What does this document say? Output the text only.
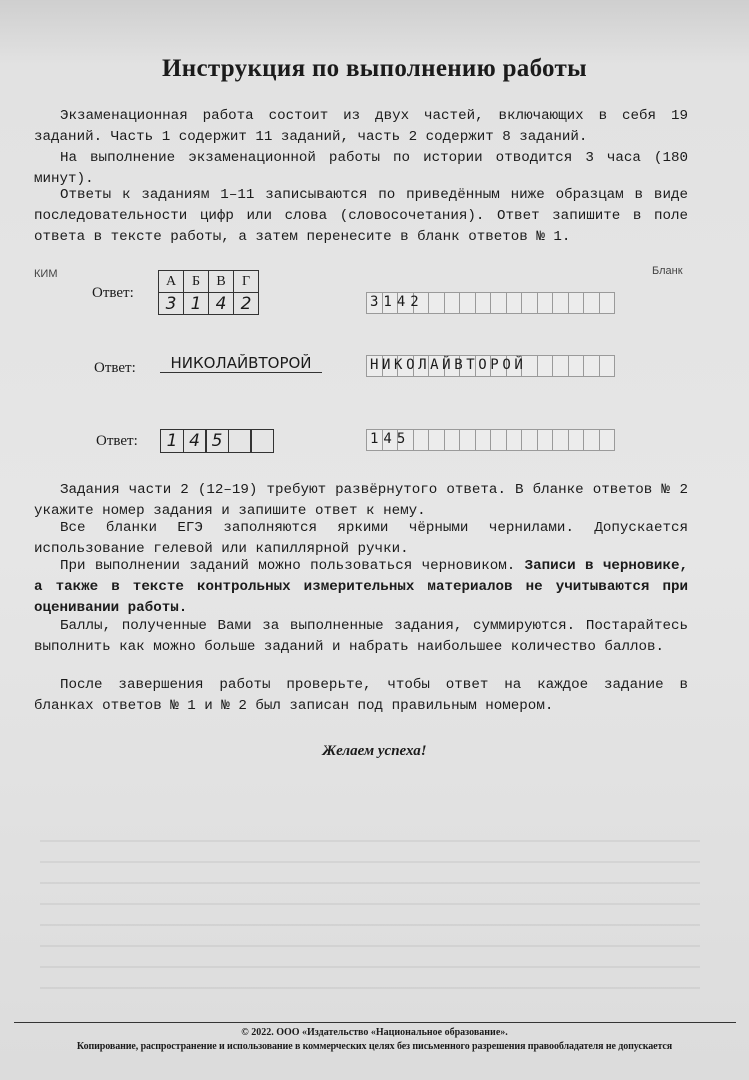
Инструкция по выполнению работы

Экзаменационная работа состоит из двух частей, включающих в себя 19 заданий. Часть 1 содержит 11 заданий, часть 2 содержит 8 заданий.

На выполнение экзаменационной работы по истории отводится 3 часа (180 минут).

Ответы к заданиям 1–11 записываются по приведённым ниже образцам в виде последовательности цифр или слова (словосочетания). Ответ запишите в поле ответа в тексте работы, а затем перенесите в бланк ответов № 1.

КИМ	Бланк
Ответ:
А	Б	В	Г
3	1	4	2	3142
Ответ:	НИКОЛАЙВТОРОЙ	НИКОЛАЙВТОРОЙ
Ответ:	1 4 5	145

Задания части 2 (12–19) требуют развёрнутого ответа. В бланке ответов № 2 укажите номер задания и запишите ответ к нему.

Все бланки ЕГЭ заполняются яркими чёрными чернилами. Допускается использование гелевой или капиллярной ручки.

При выполнении заданий можно пользоваться черновиком. Записи в черновике, а также в тексте контрольных измерительных материалов не учитываются при оценивании работы.

Баллы, полученные Вами за выполненные задания, суммируются. Постарайтесь выполнить как можно больше заданий и набрать наибольшее количество баллов.

После завершения работы проверьте, чтобы ответ на каждое задание в бланках ответов № 1 и № 2 был записан под правильным номером.

Желаем успеха!
© 2022. ООО «Издательство «Национальное образование».
Копирование, распространение и использование в коммерческих целях без письменного разрешения правообладателя не допускается
